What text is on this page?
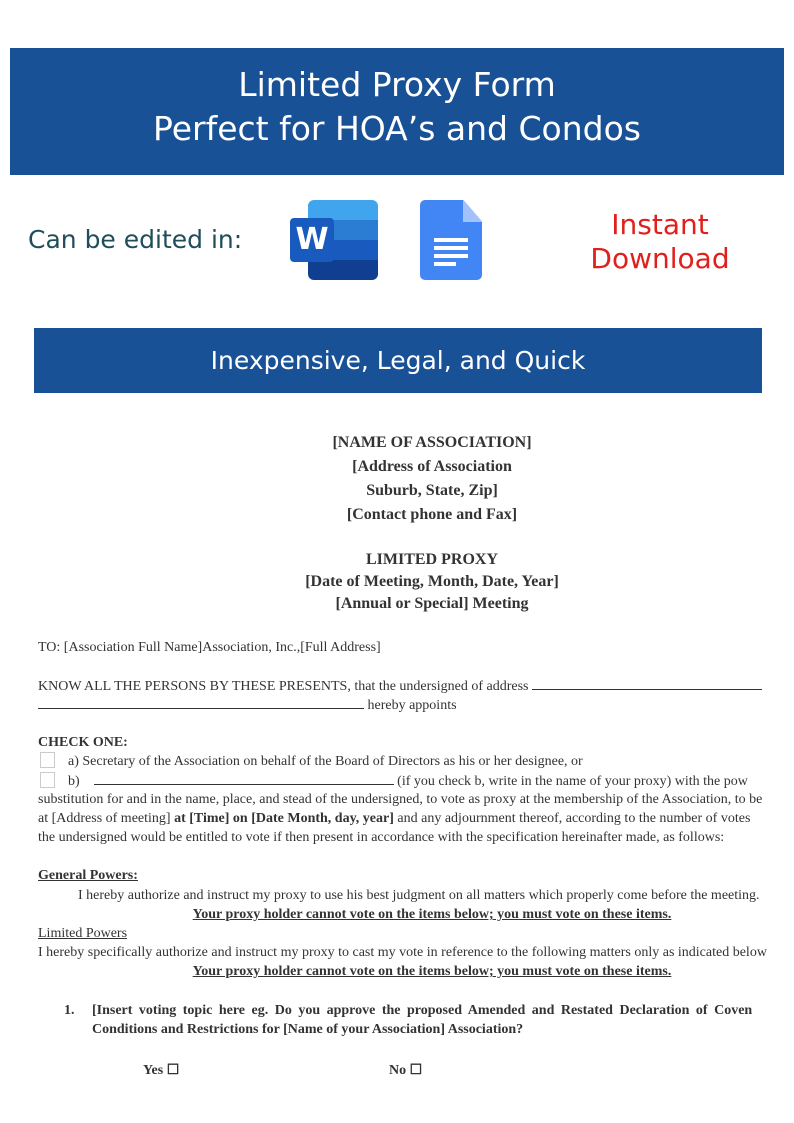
Limited Proxy Form
Perfect for HOA’s and Condos
Can be edited in: W	Instant
Download
Inexpensive, Legal, and Quick
[NAME OF ASSOCIATION]
[Address of Association
Suburb, State, Zip]
[Contact phone and Fax]
LIMITED PROXY
[Date of Meeting, Month, Date, Year]
[Annual or Special] Meeting
TO: [Association Full Name]Association, Inc.,[Full Address]
KNOW ALL THE PERSONS BY THESE PRESENTS, that the undersigned of address
hereby appoints
CHECK ONE:
a) Secretary of the Association on behalf of the Board of Directors as his or her designee, or
b)	(if you check b, write in the name of your proxy) with the pow
substitution for and in the name, place, and stead of the undersigned, to vote as proxy at the membership of the Association, to be
at [Address of meeting] at [Time] on [Date Month, day, year] and any adjournment thereof, according to the number of votes
the undersigned would be entitled to vote if then present in accordance with the specification hereinafter made, as follows:
General Powers:
I hereby authorize and instruct my proxy to use his best judgment on all matters which properly come before the meeting.
Your proxy holder cannot vote on the items below; you must vote on these items.
Limited Powers
I hereby specifically authorize and instruct my proxy to cast my vote in reference to the following matters only as indicated below
Your proxy holder cannot vote on the items below; you must vote on these items.
1. [Insert voting topic here eg. Do you approve the proposed Amended and Restated Declaration of Coven
Conditions and Restrictions for [Name of your Association] Association?
Yes ☐	No ☐
